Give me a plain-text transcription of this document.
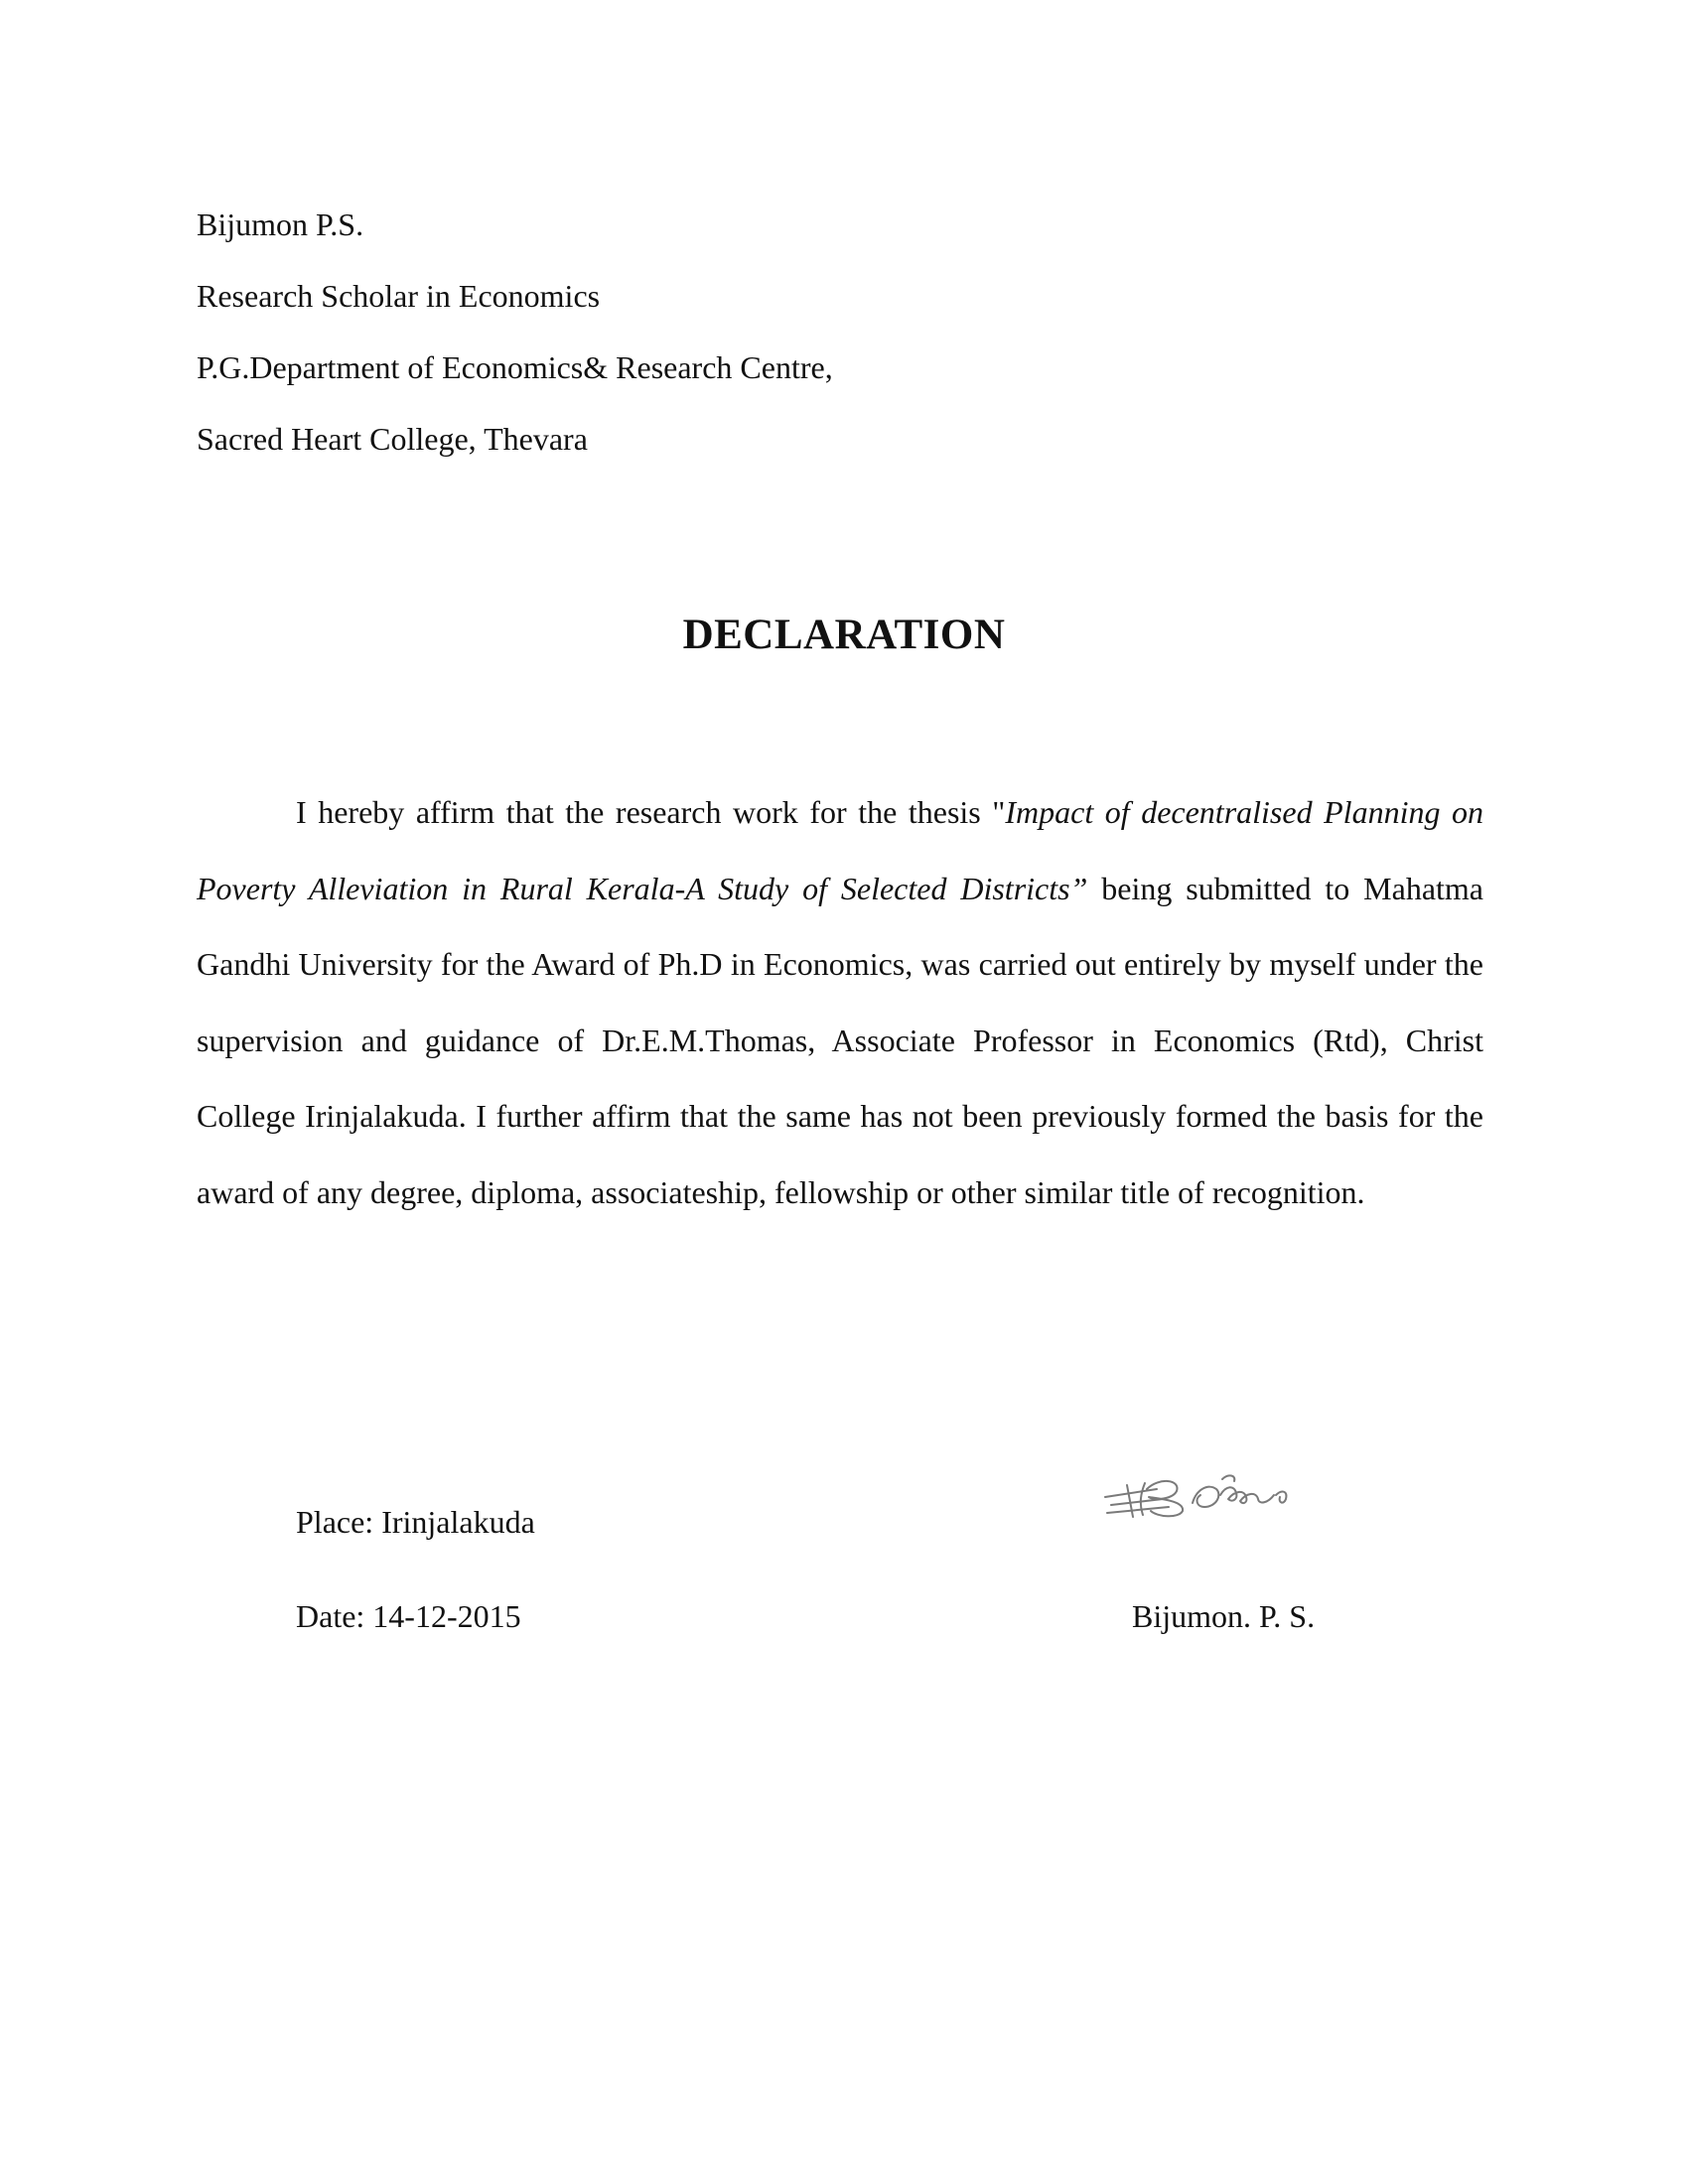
Bijumon P.S.
Research Scholar in Economics
P.G.Department of Economics& Research Centre,
Sacred Heart College, Thevara
DECLARATION

I hereby affirm that the research work for the thesis "Impact of decentralised Planning on Poverty Alleviation in Rural Kerala-A Study of Selected Districts” being submitted to Mahatma Gandhi University for the Award of Ph.D in Economics, was carried out entirely by myself under the supervision and guidance of Dr.E.M.Thomas, Associate Professor in Economics (Rtd), Christ College Irinjalakuda. I further affirm that the same has not been previously formed the basis for the award of any degree, diploma, associateship, fellowship or other similar title of recognition.

Place: Irinjalakuda
Date: 14-12-2015	Bijumon. P. S.
